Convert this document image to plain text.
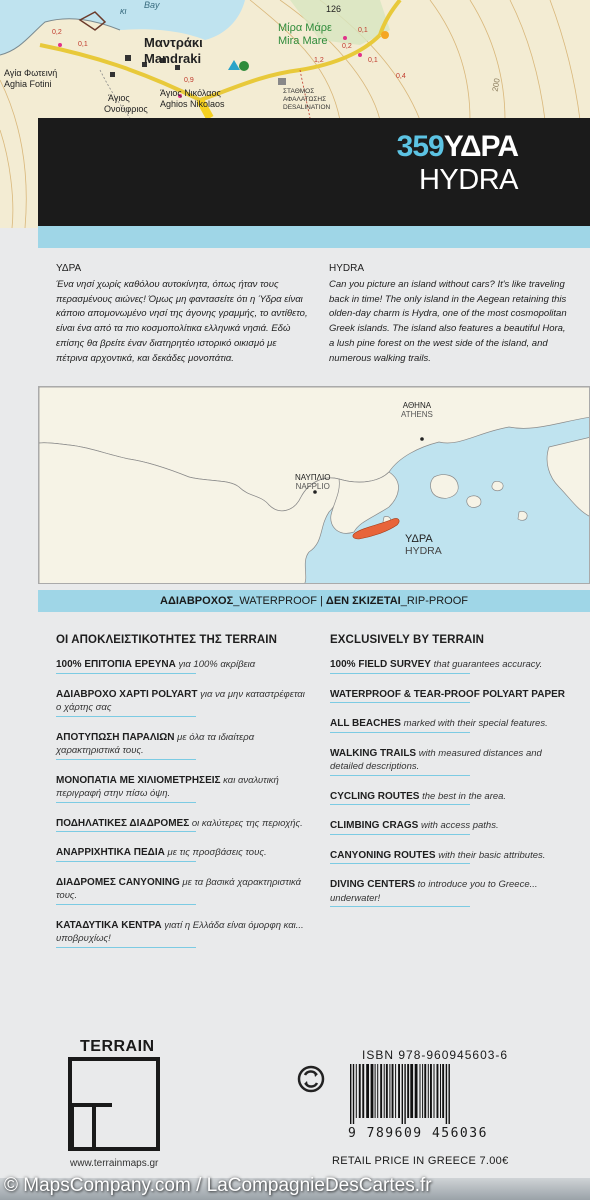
κι
Bay	126
Μαντράκι
Mandraki
Μίρα Μάρε
Mira Mare
Αγία Φωτεινή
Aghia Fotini
Άγιος
Ονούφριος
Άγιος Νικόλαος
Aghios Nikolaos
ΣΤΑΘΜΟΣ
ΑΦΑΛΑΤΩΣΗΣ
DESALINATION
200
0,2
0,1
0,1
0,2
0,1
0,9
1,2
0,4
359ΥΔΡΑ
HYDRA
ΥΔΡΑ
Ένα νησί χωρίς καθόλου αυτοκίνητα, όπως ήταν τους περασμένους αιώνες! Όμως μη φαντασείτε ότι η Ύδρα είναι κάποιο απομονωμένο νησί της άγονης γραμμής, το αντίθετο, είναι ένα από τα πιο κοσμοπολίτικα ελληνικά νησιά. Εδώ επίσης θα βρείτε έναν διατηρητέο ιστορικό οικισμό με πέτρινα αρχοντικά, και δεκάδες μονοπάτια.
HYDRA
Can you picture an island without cars? It's like traveling back in time! The only island in the Aegean retaining this olden-day charm is Hydra, one of the most cosmopolitan Greek islands. The island also features a beautiful Hora, a lush pine forest on the west side of the island, and numerous walking trails.
ΑΘΗΝΑ
ATHENS
ΝΑΥΠΛΙΟ
NAFPLIO
ΥΔΡΑ
HYDRA
ΑΔΙΑΒΡΟΧΟΣ_WATERPROOF | ΔΕΝ ΣΚΙΖΕΤΑΙ_RIP-PROOF
ΟΙ ΑΠΟΚΛΕΙΣΤΙΚΟΤΗΤΕΣ ΤΗΣ TERRAIN
100% ΕΠΙΤΟΠΙΑ ΕΡΕΥΝΑ για 100% ακρίβεια
ΑΔΙΑΒΡΟΧΟ ΧΑΡΤΙ POLYART για να μην καταστρέφεται ο χάρτης σας
ΑΠΟΤΥΠΩΣΗ ΠΑΡΑΛΙΩΝ με όλα τα ιδιαίτερα χαρακτηριστικά τους.
ΜΟΝΟΠΑΤΙΑ ΜΕ ΧΙΛΙΟΜΕΤΡΗΣΕΙΣ και αναλυτική περιγραφή στην πίσω όψη.
ΠΟΔΗΛΑΤΙΚΕΣ ΔΙΑΔΡΟΜΕΣ οι καλύτερες της περιοχής.
ΑΝΑΡΡΙΧΗΤΙΚΑ ΠΕΔΙΑ με τις προσβάσεις τους.
ΔΙΑΔΡΟΜΕΣ CANYONING με τα βασικά χαρακτηριστικά τους.
ΚΑΤΑΔΥΤΙΚΑ ΚΕΝΤΡΑ γιατί η Ελλάδα είναι όμορφη και... υποβρυχίως!
EXCLUSIVELY BY TERRAIN
100% FIELD SURVEY that guarantees accuracy.
WATERPROOF & TEAR-PROOF POLYART PAPER
ALL BEACHES marked with their special features.
WALKING TRAILS with measured distances and detailed descriptions.
CYCLING ROUTES the best in the area.
CLIMBING CRAGS with access paths.
CANYONING ROUTES with their basic attributes.
DIVING CENTERS to introduce you to Greece... underwater!
TERRAIN
www.terrainmaps.gr
ISBN 978-960945603-6
9 789609 456036
RETAIL PRICE IN GREECE 7.00€
© MapsCompany.com / LaCompagnieDesCartes.fr
